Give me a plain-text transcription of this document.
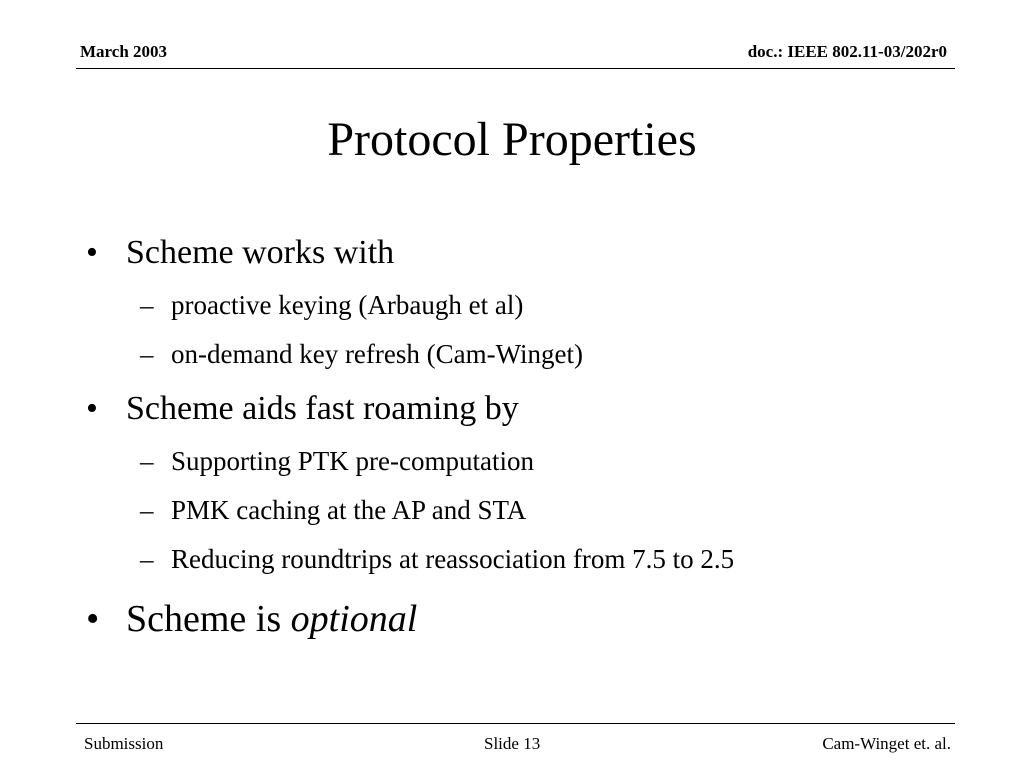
March 2003	doc.: IEEE 802.11-03/202r0
Protocol Properties
• Scheme works with
– proactive keying (Arbaugh et al)
– on-demand key refresh (Cam-Winget)
• Scheme aids fast roaming by
– Supporting PTK pre-computation
– PMK caching at the AP and STA
– Reducing roundtrips at reassociation from 7.5 to 2.5
• Scheme is optional
Submission	Slide 13	Cam-Winget et. al.
